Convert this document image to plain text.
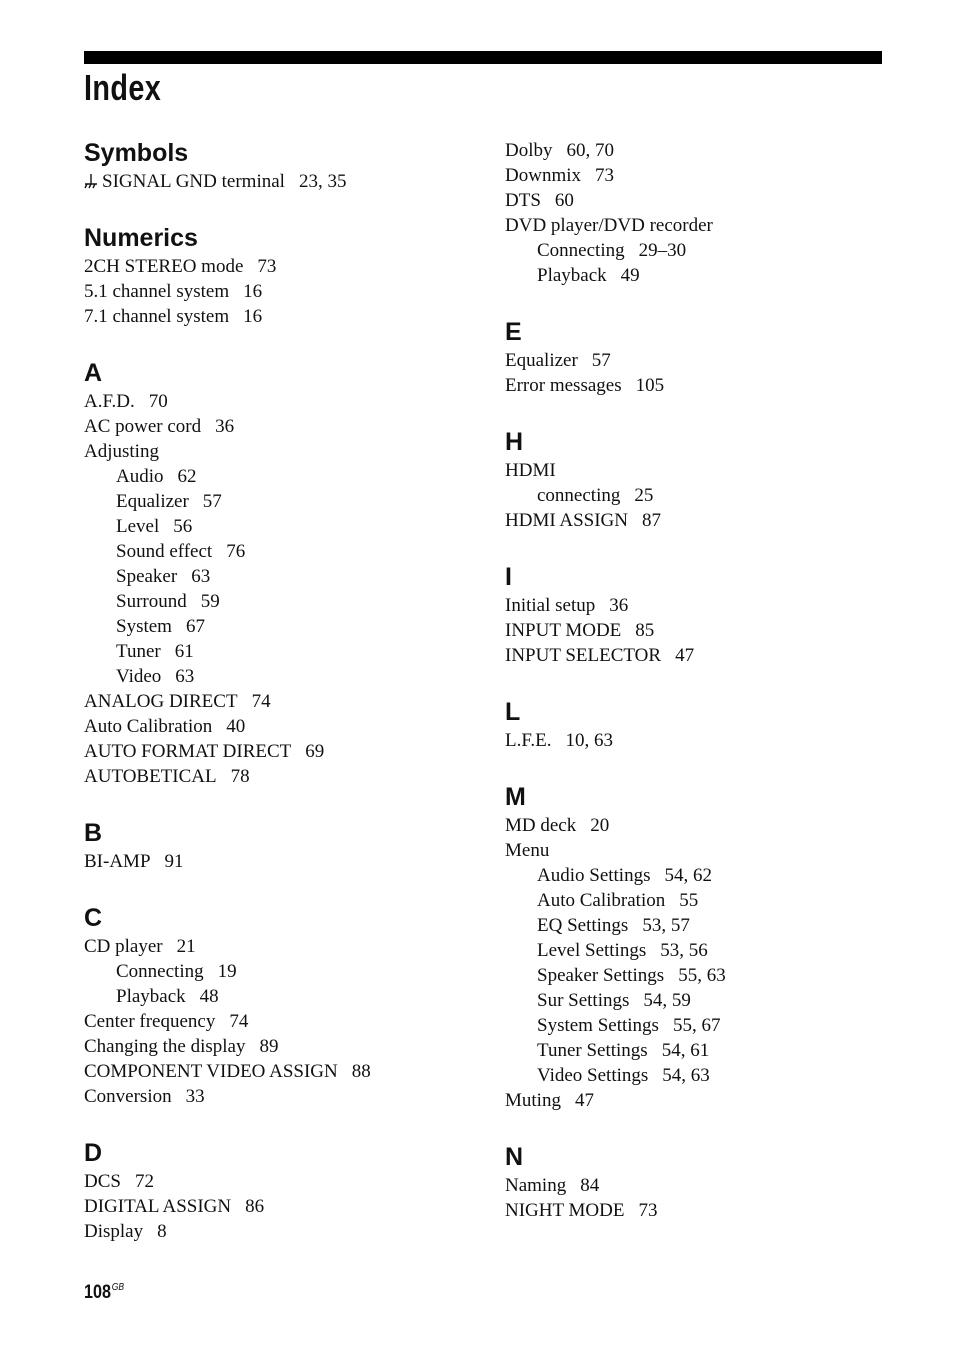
Index
Symbols
SIGNAL GND terminal 23, 35
Numerics
2CH STEREO mode 73
5.1 channel system 16
7.1 channel system 16
A
A.F.D. 70
AC power cord 36
Adjusting
Audio 62
Equalizer 57
Level 56
Sound effect 76
Speaker 63
Surround 59
System 67
Tuner 61
Video 63
ANALOG DIRECT 74
Auto Calibration 40
AUTO FORMAT DIRECT 69
AUTOBETICAL 78
B
BI-AMP 91
C
CD player 21
Connecting 19
Playback 48
Center frequency 74
Changing the display 89
COMPONENT VIDEO ASSIGN 88
Conversion 33
D
DCS 72
DIGITAL ASSIGN 86
Display 8
Dolby 60, 70
Downmix 73
DTS 60
DVD player/DVD recorder
Connecting 29–30
Playback 49
E
Equalizer 57
Error messages 105
H
HDMI
connecting 25
HDMI ASSIGN 87
I
Initial setup 36
INPUT MODE 85
INPUT SELECTOR 47
L
L.F.E. 10, 63
M
MD deck 20
Menu
Audio Settings 54, 62
Auto Calibration 55
EQ Settings 53, 57
Level Settings 53, 56
Speaker Settings 55, 63
Sur Settings 54, 59
System Settings 55, 67
Tuner Settings 54, 61
Video Settings 54, 63
Muting 47
N
Naming 84
NIGHT MODE 73
$108^{GB}$
